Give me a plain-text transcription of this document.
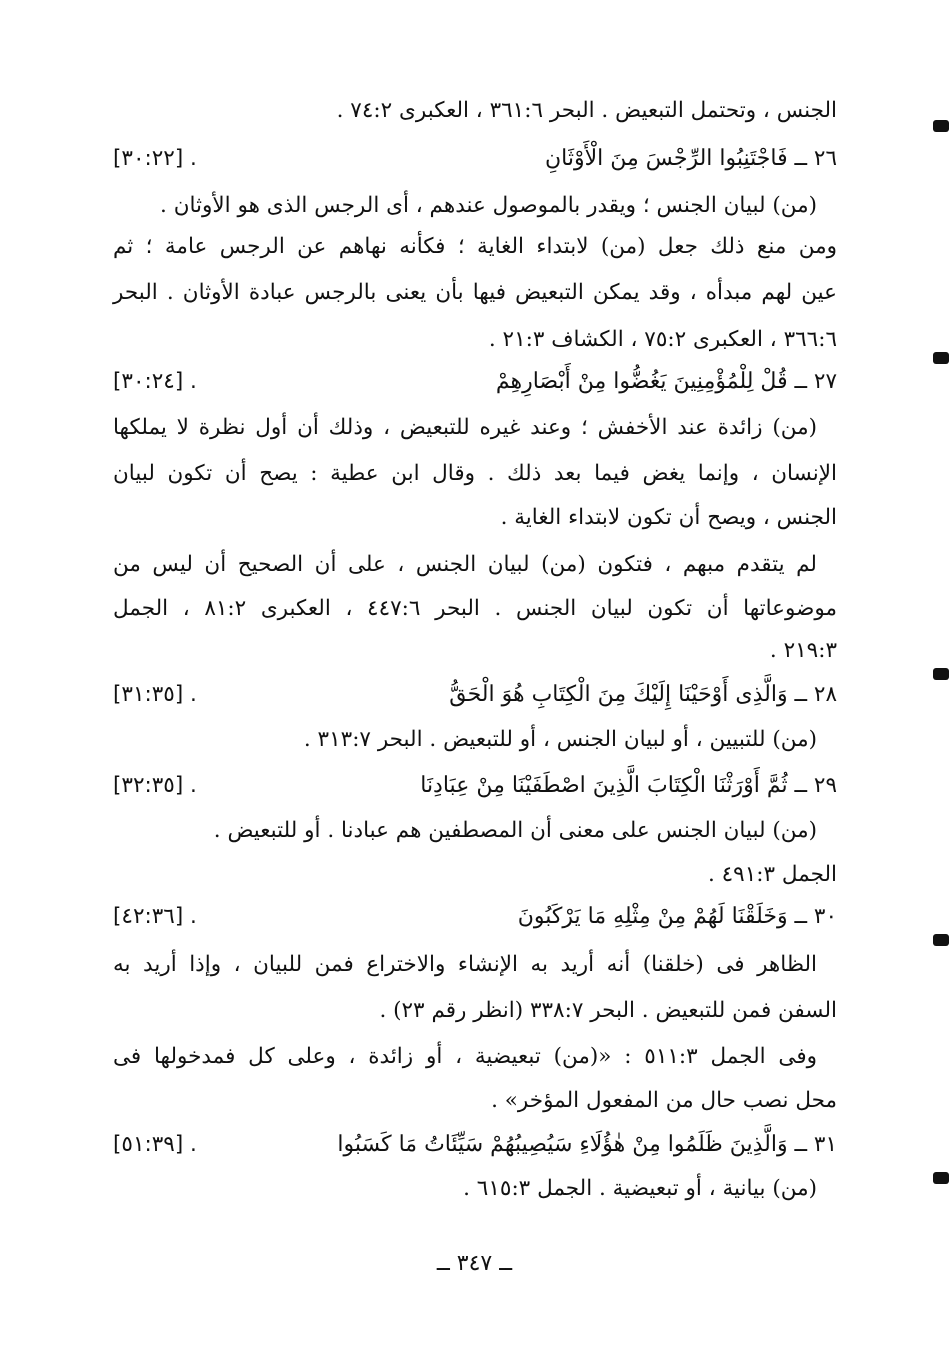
الجنس ، وتحتمل التبعيض . البحر ٣٦١:٦ ، العكبرى ٧٤:٢ .
٢٦ ــ فَاجْتَنِبُوا الرِّجْسَ مِنَ الْأَوْثَانِ
[٣٠:٢٢] .
(من) لبيان الجنس ؛ ويقدر بالموصول عندهم ، أى الرجس الذى هو الأوثان .
ومن منع ذلك جعل (من) لابتداء الغاية ؛ فكأنه نهاهم عن الرجس عامة ؛ ثم
عين لهم مبدأه ، وقد يمكن التبعيض فيها بأن يعنى بالرجس عبادة الأوثان . البحر
٣٦٦:٦ ، العكبرى ٧٥:٢ ، الكشاف ٢١:٣ .
٢٧ ــ قُلْ لِلْمُؤْمِنِينَ يَغُضُّوا مِنْ أَبْصَارِهِمْ
[٣٠:٢٤] .
(من) زائدة عند الأخفش ؛ وعند غيره للتبعيض ، وذلك أن أول نظرة لا يملكها
الإنسان ، وإنما يغض فيما بعد ذلك . وقال ابن عطية : يصح أن تكون لبيان
الجنس ، ويصح أن تكون لابتداء الغاية .
لم يتقدم مبهم ، فتكون (من) لبيان الجنس ، على أن الصحيح أن ليس من
موضوعاتها أن تكون لبيان الجنس . البحر ٤٤٧:٦ ، العكبرى ٨١:٢ ، الجمل
٢١٩:٣ .
٢٨ ــ وَالَّذِى أَوْحَيْنَا إِلَيْكَ مِنَ الْكِتَابِ هُوَ الْحَقُّ
[٣١:٣٥] .
(من) للتبيين ، أو لبيان الجنس ، أو للتبعيض . البحر ٣١٣:٧ .
٢٩ ــ ثُمَّ أَوْرَثْنَا الْكِتَابَ الَّذِينَ اصْطَفَيْنَا مِنْ عِبَادِنَا
[٣٢:٣٥] .
(من) لبيان الجنس على معنى أن المصطفين هم عبادنا . أو للتبعيض .
الجمل ٤٩١:٣ .
٣٠ ــ وَخَلَقْنَا لَهُمْ مِنْ مِثْلِهِ مَا يَرْكَبُونَ
[٤٢:٣٦] .
الظاهر فى (خلقنا) أنه أريد به الإنشاء والاختراع فمن للبيان ، وإذا أريد به
السفن فمن للتبعيض . البحر ٣٣٨:٧ (انظر رقم ٢٣) .
وفى الجمل ٥١١:٣ : «(من) تبعيضية ، أو زائدة ، وعلى كل فمدخولها فى
محل نصب حال من المفعول المؤخر» .
٣١ ــ وَالَّذِينَ ظَلَمُوا مِنْ هٰؤُلَاءِ سَيُصِيبُهُمْ سَيِّئَاتُ مَا كَسَبُوا
[٥١:٣٩] .
(من) بيانية ، أو تبعيضية . الجمل ٦١٥:٣ .
ــ ٣٤٧ ــ
